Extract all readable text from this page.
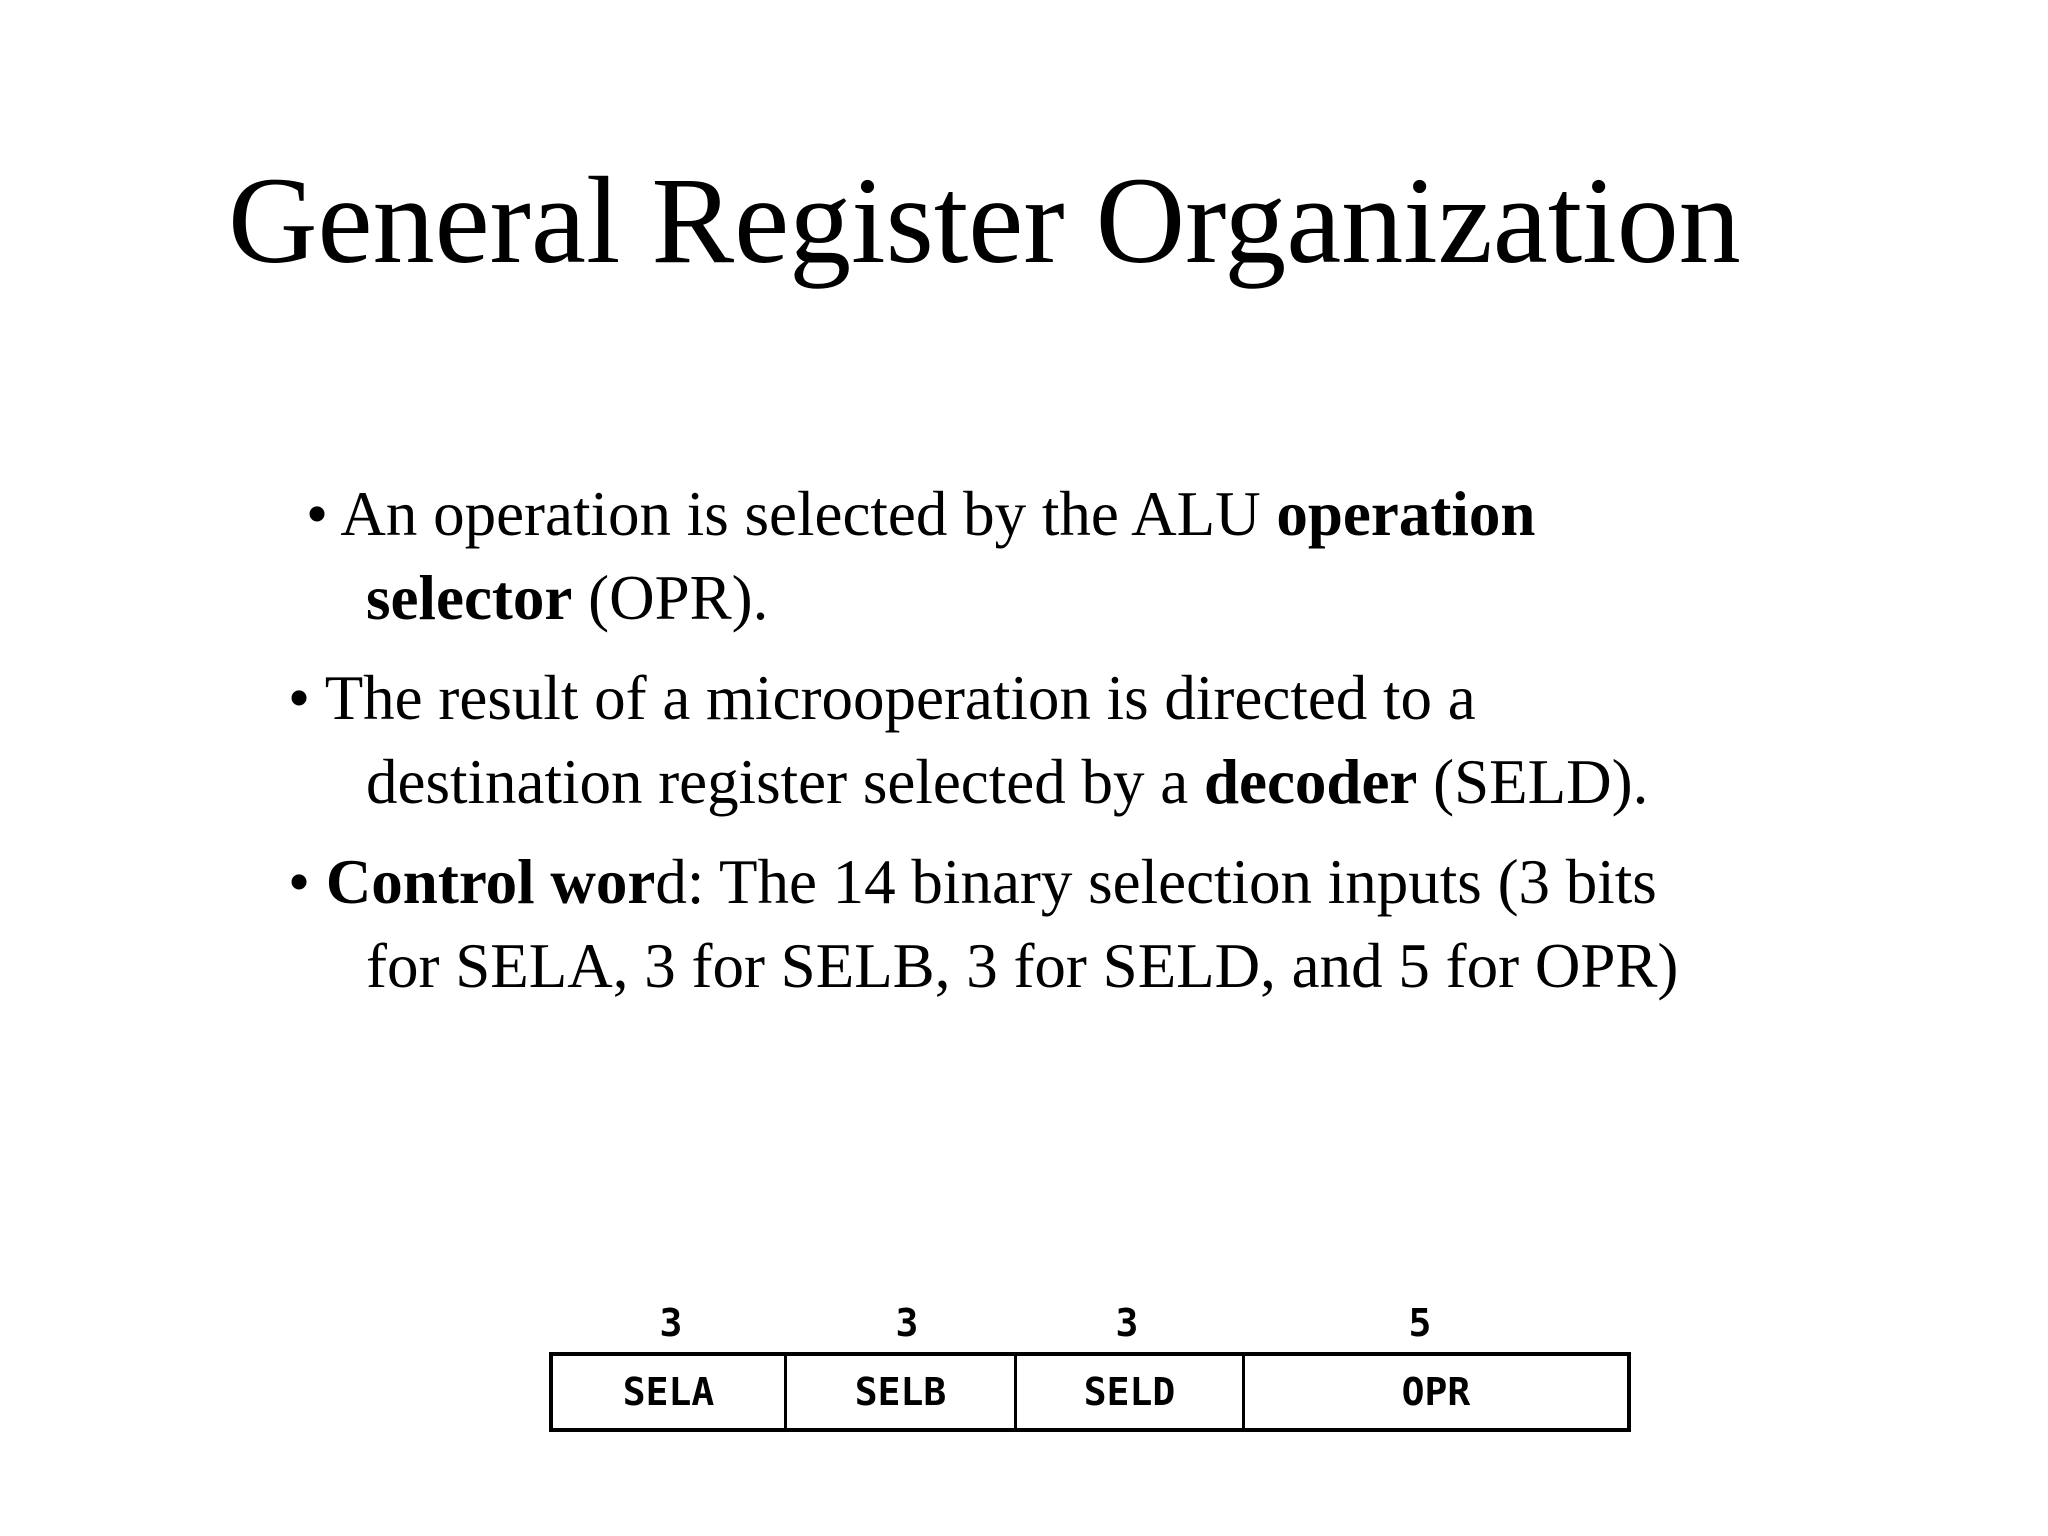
General Register Organization
• An operation is selected by the ALU operation
selector (OPR).
• The result of a microoperation is directed to a
destination register selected by a decoder (SELD).
• Control word: The 14 binary selection inputs (3 bits
for SELA, 3 for SELB, 3 for SELD, and 5 for OPR)
3	3	3	5
SELA	SELB	SELD	OPR
